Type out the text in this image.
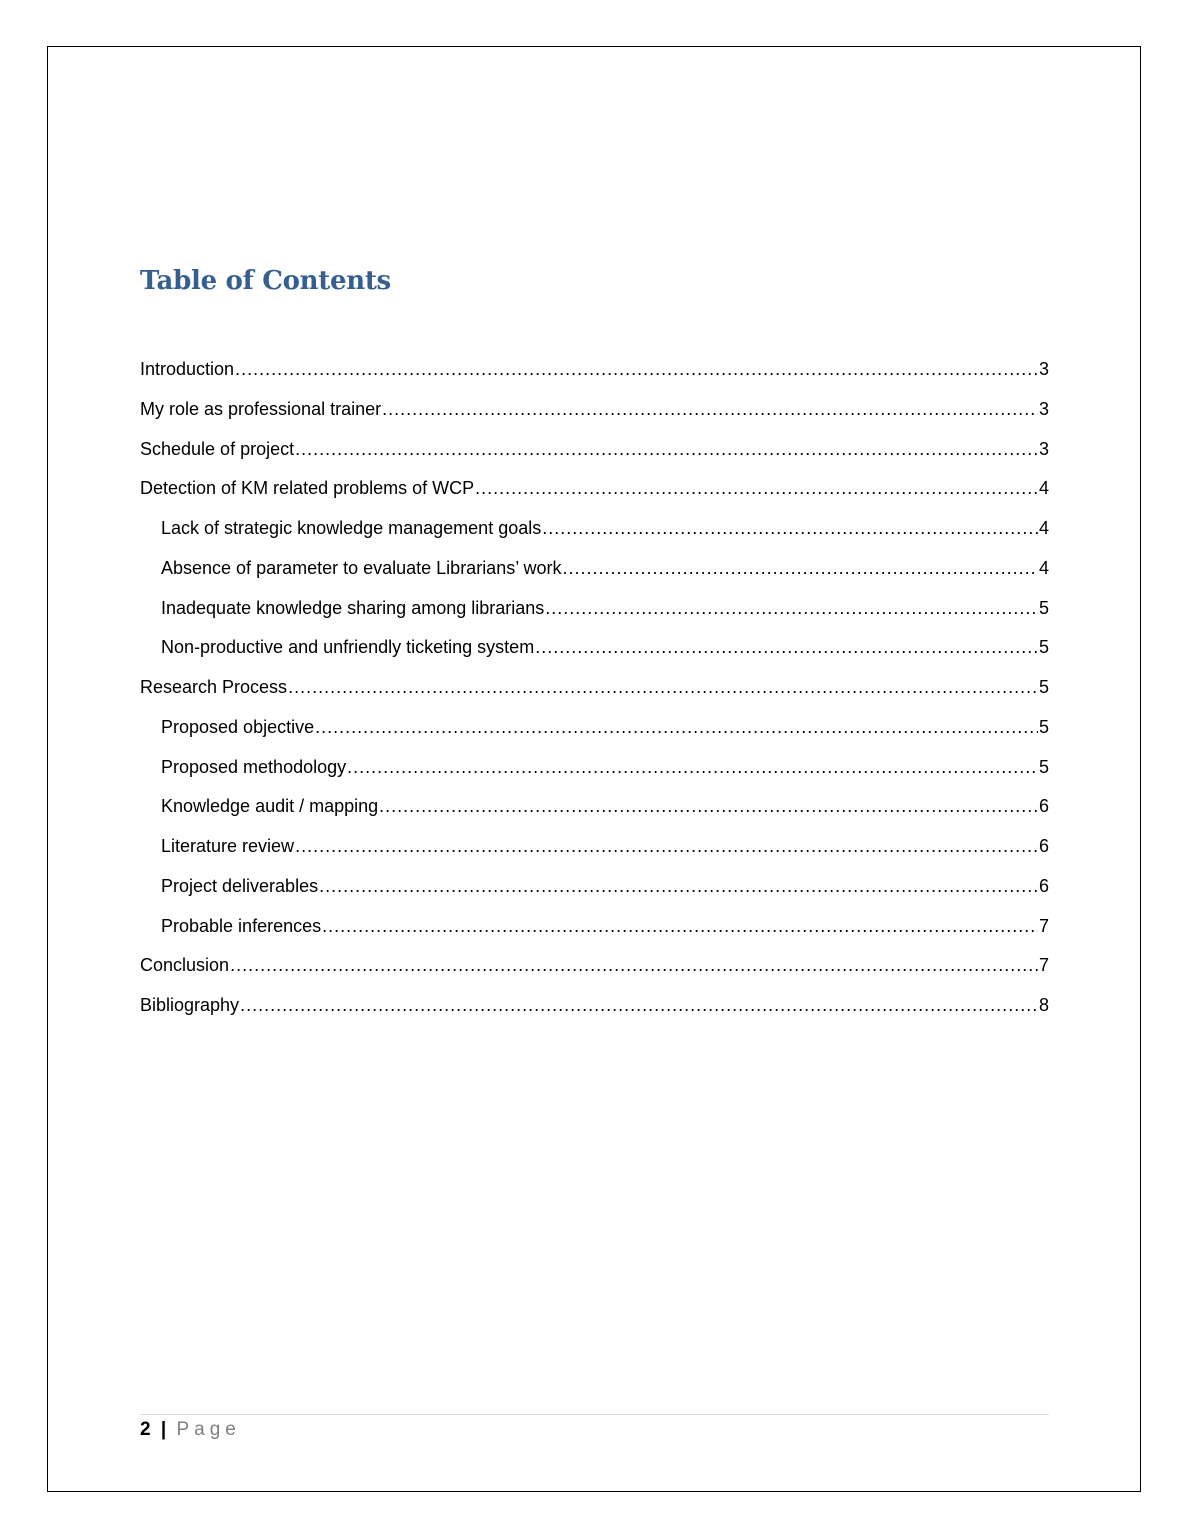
Table of Contents
Introduction .....	3
My role as professional trainer .....	3
Schedule of project .....	3
Detection of KM related problems of WCP .....	4
Lack of strategic knowledge management goals .....	4
Absence of parameter to evaluate Librarians’ work .....	4
Inadequate knowledge sharing among librarians .....	5
Non-productive and unfriendly ticketing system .....	5
Research Process .....	5
Proposed objective .....	5
Proposed methodology .....	5
Knowledge audit / mapping .....	6
Literature review .....	6
Project deliverables .....	6
Probable inferences .....	7
Conclusion .....	7
Bibliography .....	8
2 | Page
